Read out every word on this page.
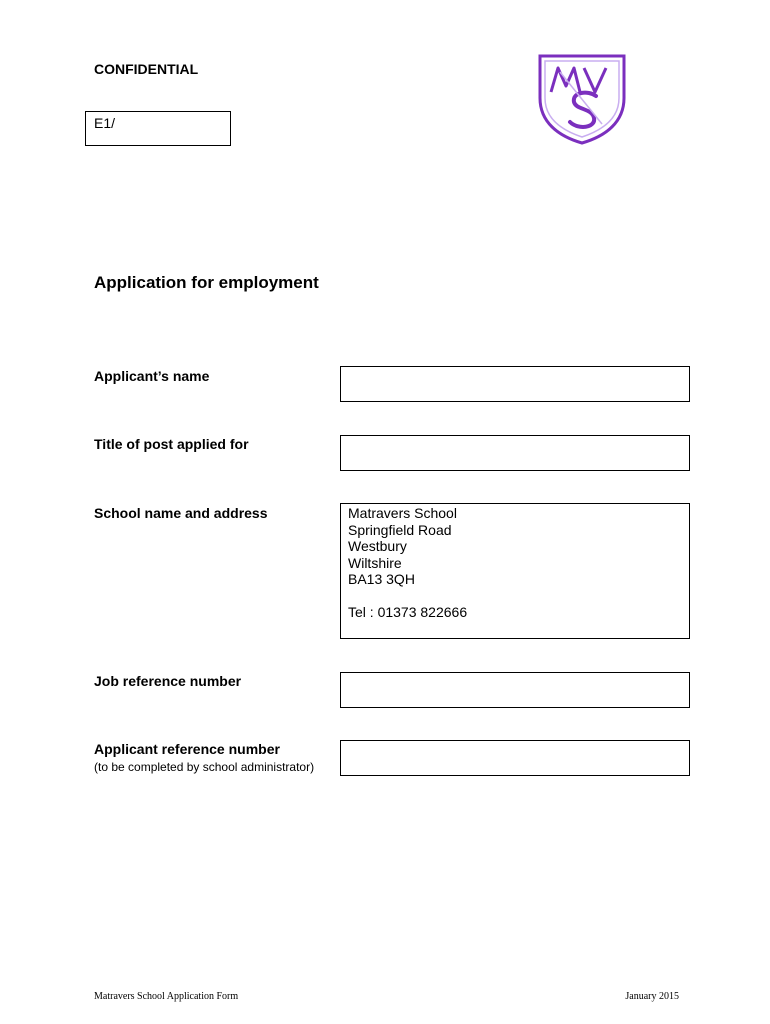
CONFIDENTIAL
E1/
Application for employment
Applicant’s name
Title of post applied for
School name and address	Matravers School
Springfield Road
Westbury
Wiltshire
BA13 3QH
Tel : 01373 822666
Job reference number
Applicant reference number
(to be completed by school administrator)
Matravers School Application Form	January 2015
